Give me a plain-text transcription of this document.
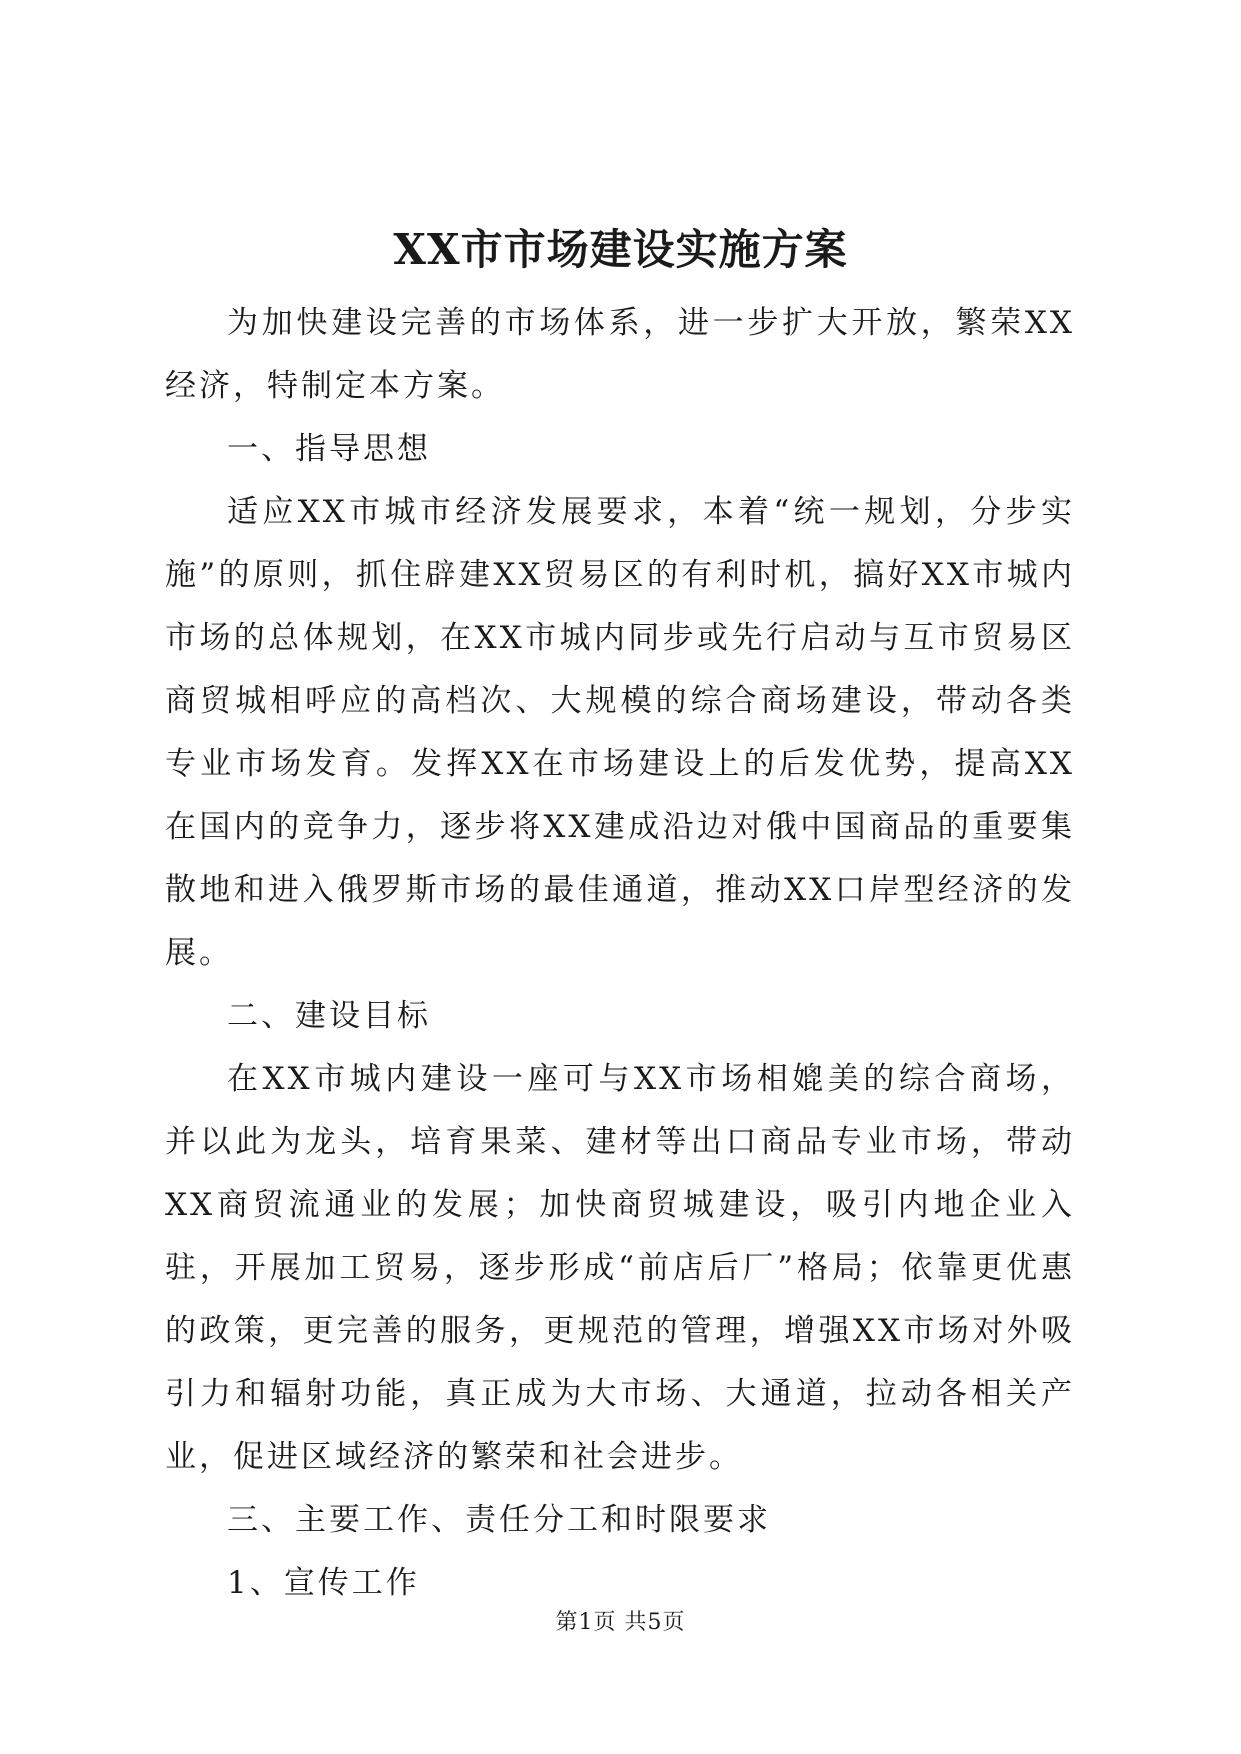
XX市市场建设实施方案

为加快建设完善的市场体系，进一步扩大开放，繁荣XX经济，特制定本方案。

一、指导思想

适应XX市城市经济发展要求，本着“统一规划，分步实施”的原则，抓住辟建XX贸易区的有利时机，搞好XX市城内市场的总体规划，在XX市城内同步或先行启动与互市贸易区商贸城相呼应的高档次、大规模的综合商场建设，带动各类专业市场发育。发挥XX在市场建设上的后发优势，提高XX在国内的竞争力，逐步将XX建成沿边对俄中国商品的重要集散地和进入俄罗斯市场的最佳通道，推动XX口岸型经济的发展。

二、建设目标

在XX市城内建设一座可与XX市场相媲美的综合商场，并以此为龙头，培育果菜、建材等出口商品专业市场，带动XX商贸流通业的发展；加快商贸城建设，吸引内地企业入驻，开展加工贸易，逐步形成“前店后厂”格局；依靠更优惠的政策，更完善的服务，更规范的管理，增强XX市场对外吸引力和辐射功能，真正成为大市场、大通道，拉动各相关产业，促进区域经济的繁荣和社会进步。

三、主要工作、责任分工和时限要求

1、宣传工作

第1页 共5页
